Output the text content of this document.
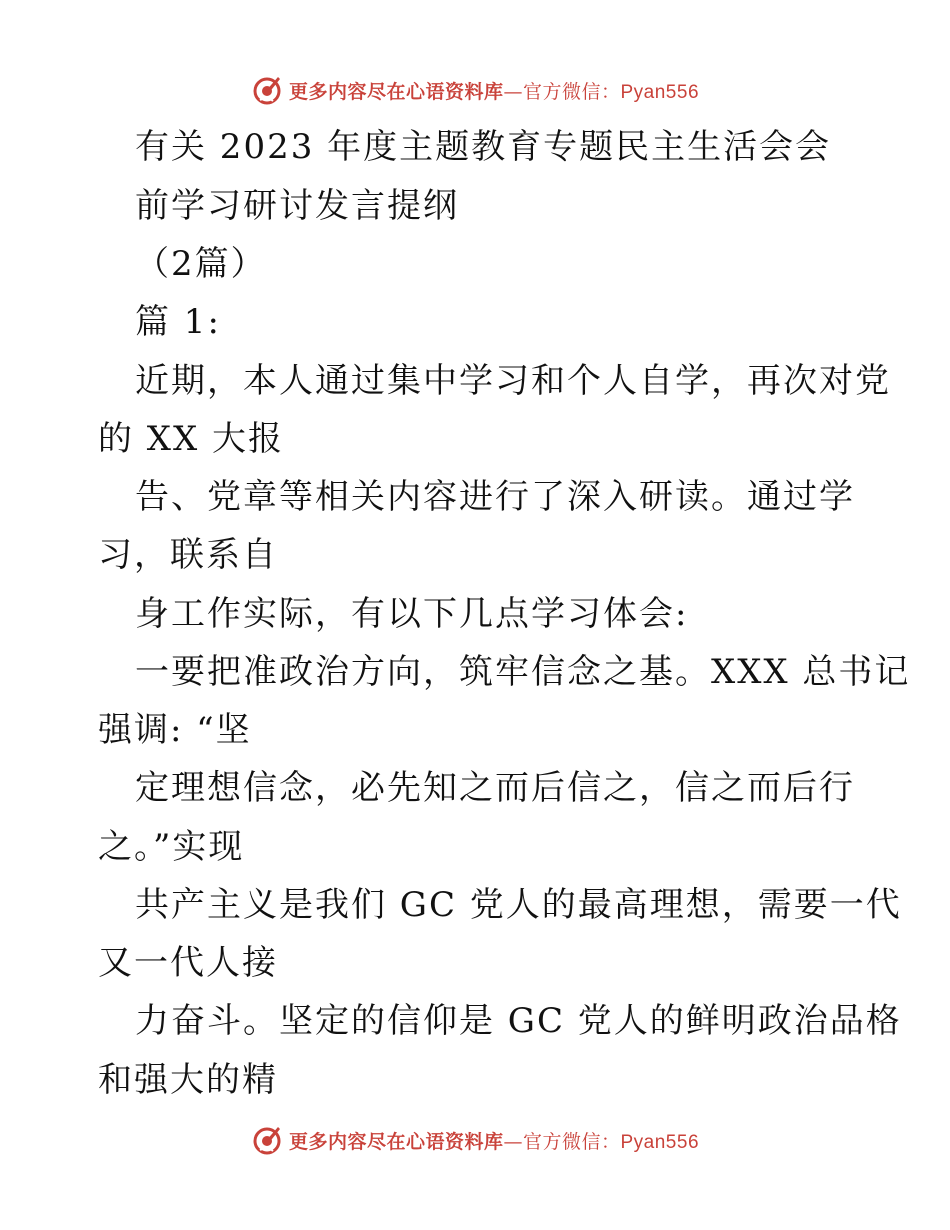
更多内容尽在心语资料库—官方微信：Pyan556
有关 2023 年度主题教育专题民主生活会会
前学习研讨发言提纲
（2篇）
篇 1:
近期，本人通过集中学习和个人自学，再次对党
的 XX 大报
告、党章等相关内容进行了深入研读。通过学
习，联系自
身工作实际，有以下几点学习体会:
一要把准政治方向，筑牢信念之基。XXX 总书记
强调: “坚
定理想信念，必先知之而后信之，信之而后行
之。”实现
共产主义是我们 GC 党人的最高理想，需要一代
又一代人接
力奋斗。坚定的信仰是 GC 党人的鲜明政治品格
和强大的精
更多内容尽在心语资料库—官方微信：Pyan556
